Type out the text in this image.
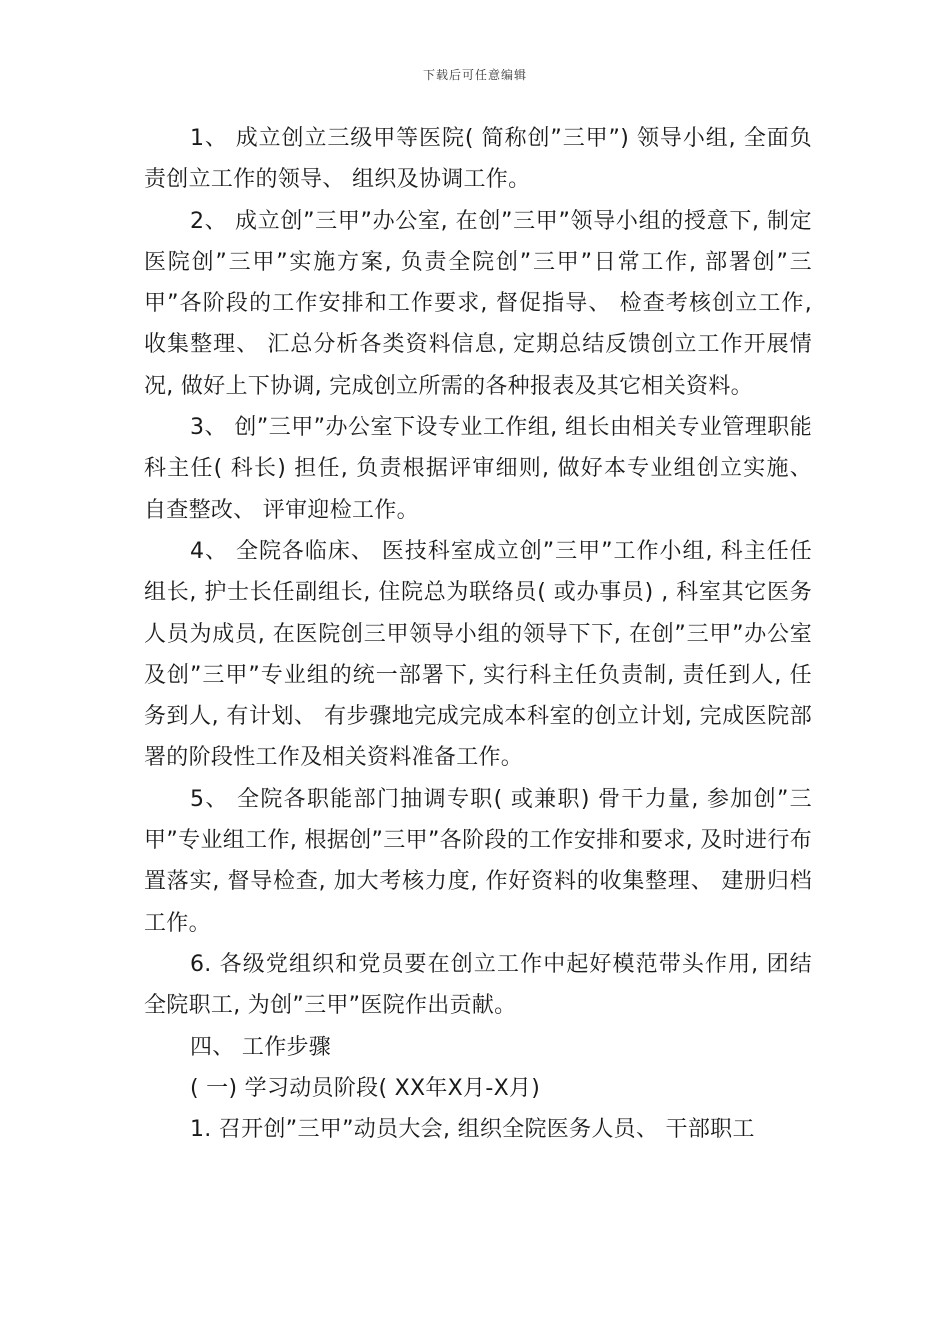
下载后可任意编辑

1、 成立创立三级甲等医院( 简称创”三甲”) 领导小组, 全面负责创立工作的领导、 组织及协调工作。

2、 成立创”三甲”办公室, 在创”三甲”领导小组的授意下, 制定医院创”三甲”实施方案, 负责全院创”三甲”日常工作, 部署创”三甲”各阶段的工作安排和工作要求, 督促指导、 检查考核创立工作, 收集整理、 汇总分析各类资料信息, 定期总结反馈创立工作开展情况, 做好上下协调, 完成创立所需的各种报表及其它相关资料。

3、 创”三甲”办公室下设专业工作组, 组长由相关专业管理职能科主任( 科长) 担任, 负责根据评审细则, 做好本专业组创立实施、 自查整改、 评审迎检工作。

4、 全院各临床、 医技科室成立创”三甲”工作小组, 科主任任组长, 护士长任副组长, 住院总为联络员( 或办事员) , 科室其它医务人员为成员, 在医院创三甲领导小组的领导下下, 在创”三甲”办公室及创”三甲”专业组的统一部署下, 实行科主任负责制, 责任到人, 任务到人, 有计划、 有步骤地完成完成本科室的创立计划, 完成医院部署的阶段性工作及相关资料准备工作。

5、 全院各职能部门抽调专职( 或兼职) 骨干力量, 参加创”三甲”专业组工作, 根据创”三甲”各阶段的工作安排和要求, 及时进行布置落实, 督导检查, 加大考核力度, 作好资料的收集整理、 建册归档工作。

6. 各级党组织和党员要在创立工作中起好模范带头作用, 团结全院职工, 为创”三甲”医院作出贡献。

四、 工作步骤

( 一) 学习动员阶段( XX年X月-X月)

1. 召开创”三甲”动员大会, 组织全院医务人员、 干部职工
